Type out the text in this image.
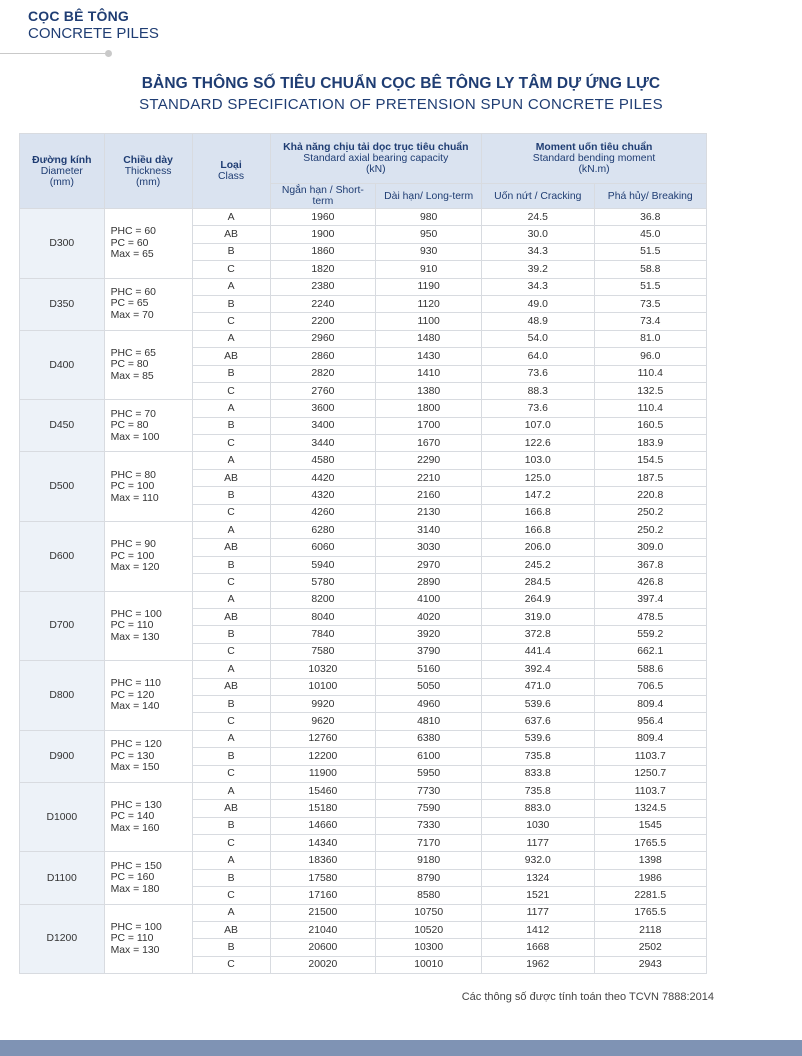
CỌC BÊ TÔNG
CONCRETE PILES
BẢNG THÔNG SỐ TIÊU CHUẨN CỌC BÊ TÔNG LY TÂM DỰ ỨNG LỰC
STANDARD SPECIFICATION OF PRETENSION SPUN CONCRETE PILES
Đường kính
Diameter
(mm)	Chiều dày
Thickness
(mm)	Loại
Class	Khả năng chịu tải dọc trục tiêu chuẩn
Standard axial bearing capacity
(kN)		Moment uốn tiêu chuẩn
Standard bending moment
(kN.m)	
			Ngắn hạn / Short-term	Dài hạn/ Long-term	Uốn nứt / Cracking	Phá hủy/ Breaking
D300	PHC = 60
PC = 60
Max = 65	A	1960	980	24.5	36.8
		AB	1900	950	30.0	45.0
		B	1860	930	34.3	51.5
		C	1820	910	39.2	58.8
D350	PHC = 60
PC = 65
Max = 70	A	2380	1190	34.3	51.5
		B	2240	1120	49.0	73.5
		C	2200	1100	48.9	73.4
D400	PHC = 65
PC = 80
Max = 85	A	2960	1480	54.0	81.0
		AB	2860	1430	64.0	96.0
		B	2820	1410	73.6	110.4
		C	2760	1380	88.3	132.5
D450	PHC = 70
PC = 80
Max = 100	A	3600	1800	73.6	110.4
		B	3400	1700	107.0	160.5
		C	3440	1670	122.6	183.9
D500	PHC = 80
PC = 100
Max = 110	A	4580	2290	103.0	154.5
		AB	4420	2210	125.0	187.5
		B	4320	2160	147.2	220.8
		C	4260	2130	166.8	250.2
D600	PHC = 90
PC = 100
Max = 120	A	6280	3140	166.8	250.2
		AB	6060	3030	206.0	309.0
		B	5940	2970	245.2	367.8
		C	5780	2890	284.5	426.8
D700	PHC = 100
PC = 110
Max = 130	A	8200	4100	264.9	397.4
		AB	8040	4020	319.0	478.5
		B	7840	3920	372.8	559.2
		C	7580	3790	441.4	662.1
D800	PHC = 110
PC = 120
Max = 140	A	10320	5160	392.4	588.6
		AB	10100	5050	471.0	706.5
		B	9920	4960	539.6	809.4
		C	9620	4810	637.6	956.4
D900	PHC = 120
PC = 130
Max = 150	A	12760	6380	539.6	809.4
		B	12200	6100	735.8	1103.7
		C	11900	5950	833.8	1250.7
D1000	PHC = 130
PC = 140
Max = 160	A	15460	7730	735.8	1103.7
		AB	15180	7590	883.0	1324.5
		B	14660	7330	1030	1545
		C	14340	7170	1177	1765.5
D1100	PHC = 150
PC = 160
Max = 180	A	18360	9180	932.0	1398
		B	17580	8790	1324	1986
		C	17160	8580	1521	2281.5
D1200	PHC = 100
PC = 110
Max = 130	A	21500	10750	1177	1765.5
		AB	21040	10520	1412	2118
		B	20600	10300	1668	2502
		C	20020	10010	1962	2943
Các thông số được tính toán theo TCVN 7888:2014
